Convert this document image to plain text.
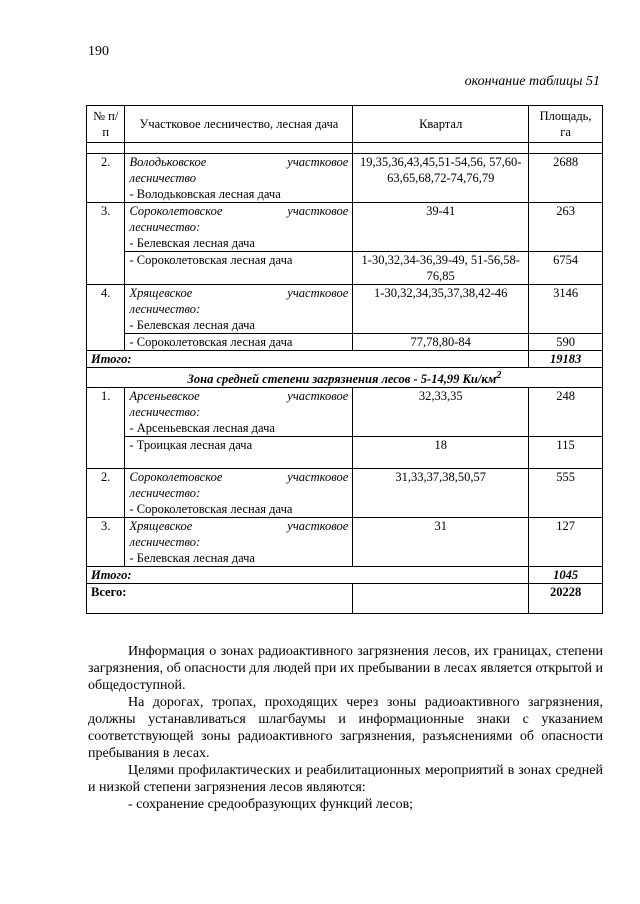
190
окончание таблицы 51
№ п/п	Участковое лесничество, лесная дача	Квартал	Площадь, га

2.	Володьковское участковое
лесничество
- Володьковская лесная дача	19,35,36,43,45,51-54,56, 57,60-63,65,68,72-74,76,79	2688
3.	Сороколетовское участковое
лесничество:
- Белевская лесная дача	39-41	263
	- Сороколетовская лесная дача	1-30,32,34-36,39-49, 51-56,58-76,85	6754
4.	Хрящевское участковое
лесничество:
- Белевская лесная дача	1-30,32,34,35,37,38,42-46	3146
	- Сороколетовская лесная дача	77,78,80-84	590
Итого:			19183
Зона средней степени загрязнения лесов - 5-14,99 $Ки/км^2$
1.	Арсеньевское участковое
лесничество:
- Арсеньевская лесная дача	32,33,35	248
	- Троицкая лесная дача	18	115
2.	Сороколетовское участковое
лесничество:
- Сороколетовская лесная дача	31,33,37,38,50,57	555
3.	Хрящевское участковое
лесничество:
- Белевская лесная дача	31	127
Итого:			1045
Всего:			20228

Информация о зонах радиоактивного загрязнения лесов, их границах, степени загрязнения, об опасности для людей при их пребывании в лесах является открытой и общедоступной.

На дорогах, тропах, проходящих через зоны радиоактивного загрязнения, должны устанавливаться шлагбаумы и информационные знаки с указанием соответствующей зоны радиоактивного загрязнения, разъяснениями об опасности пребывания в лесах.

Целями профилактических и реабилитационных мероприятий в зонах средней и низкой степени загрязнения лесов являются:

- сохранение средообразующих функций лесов;
